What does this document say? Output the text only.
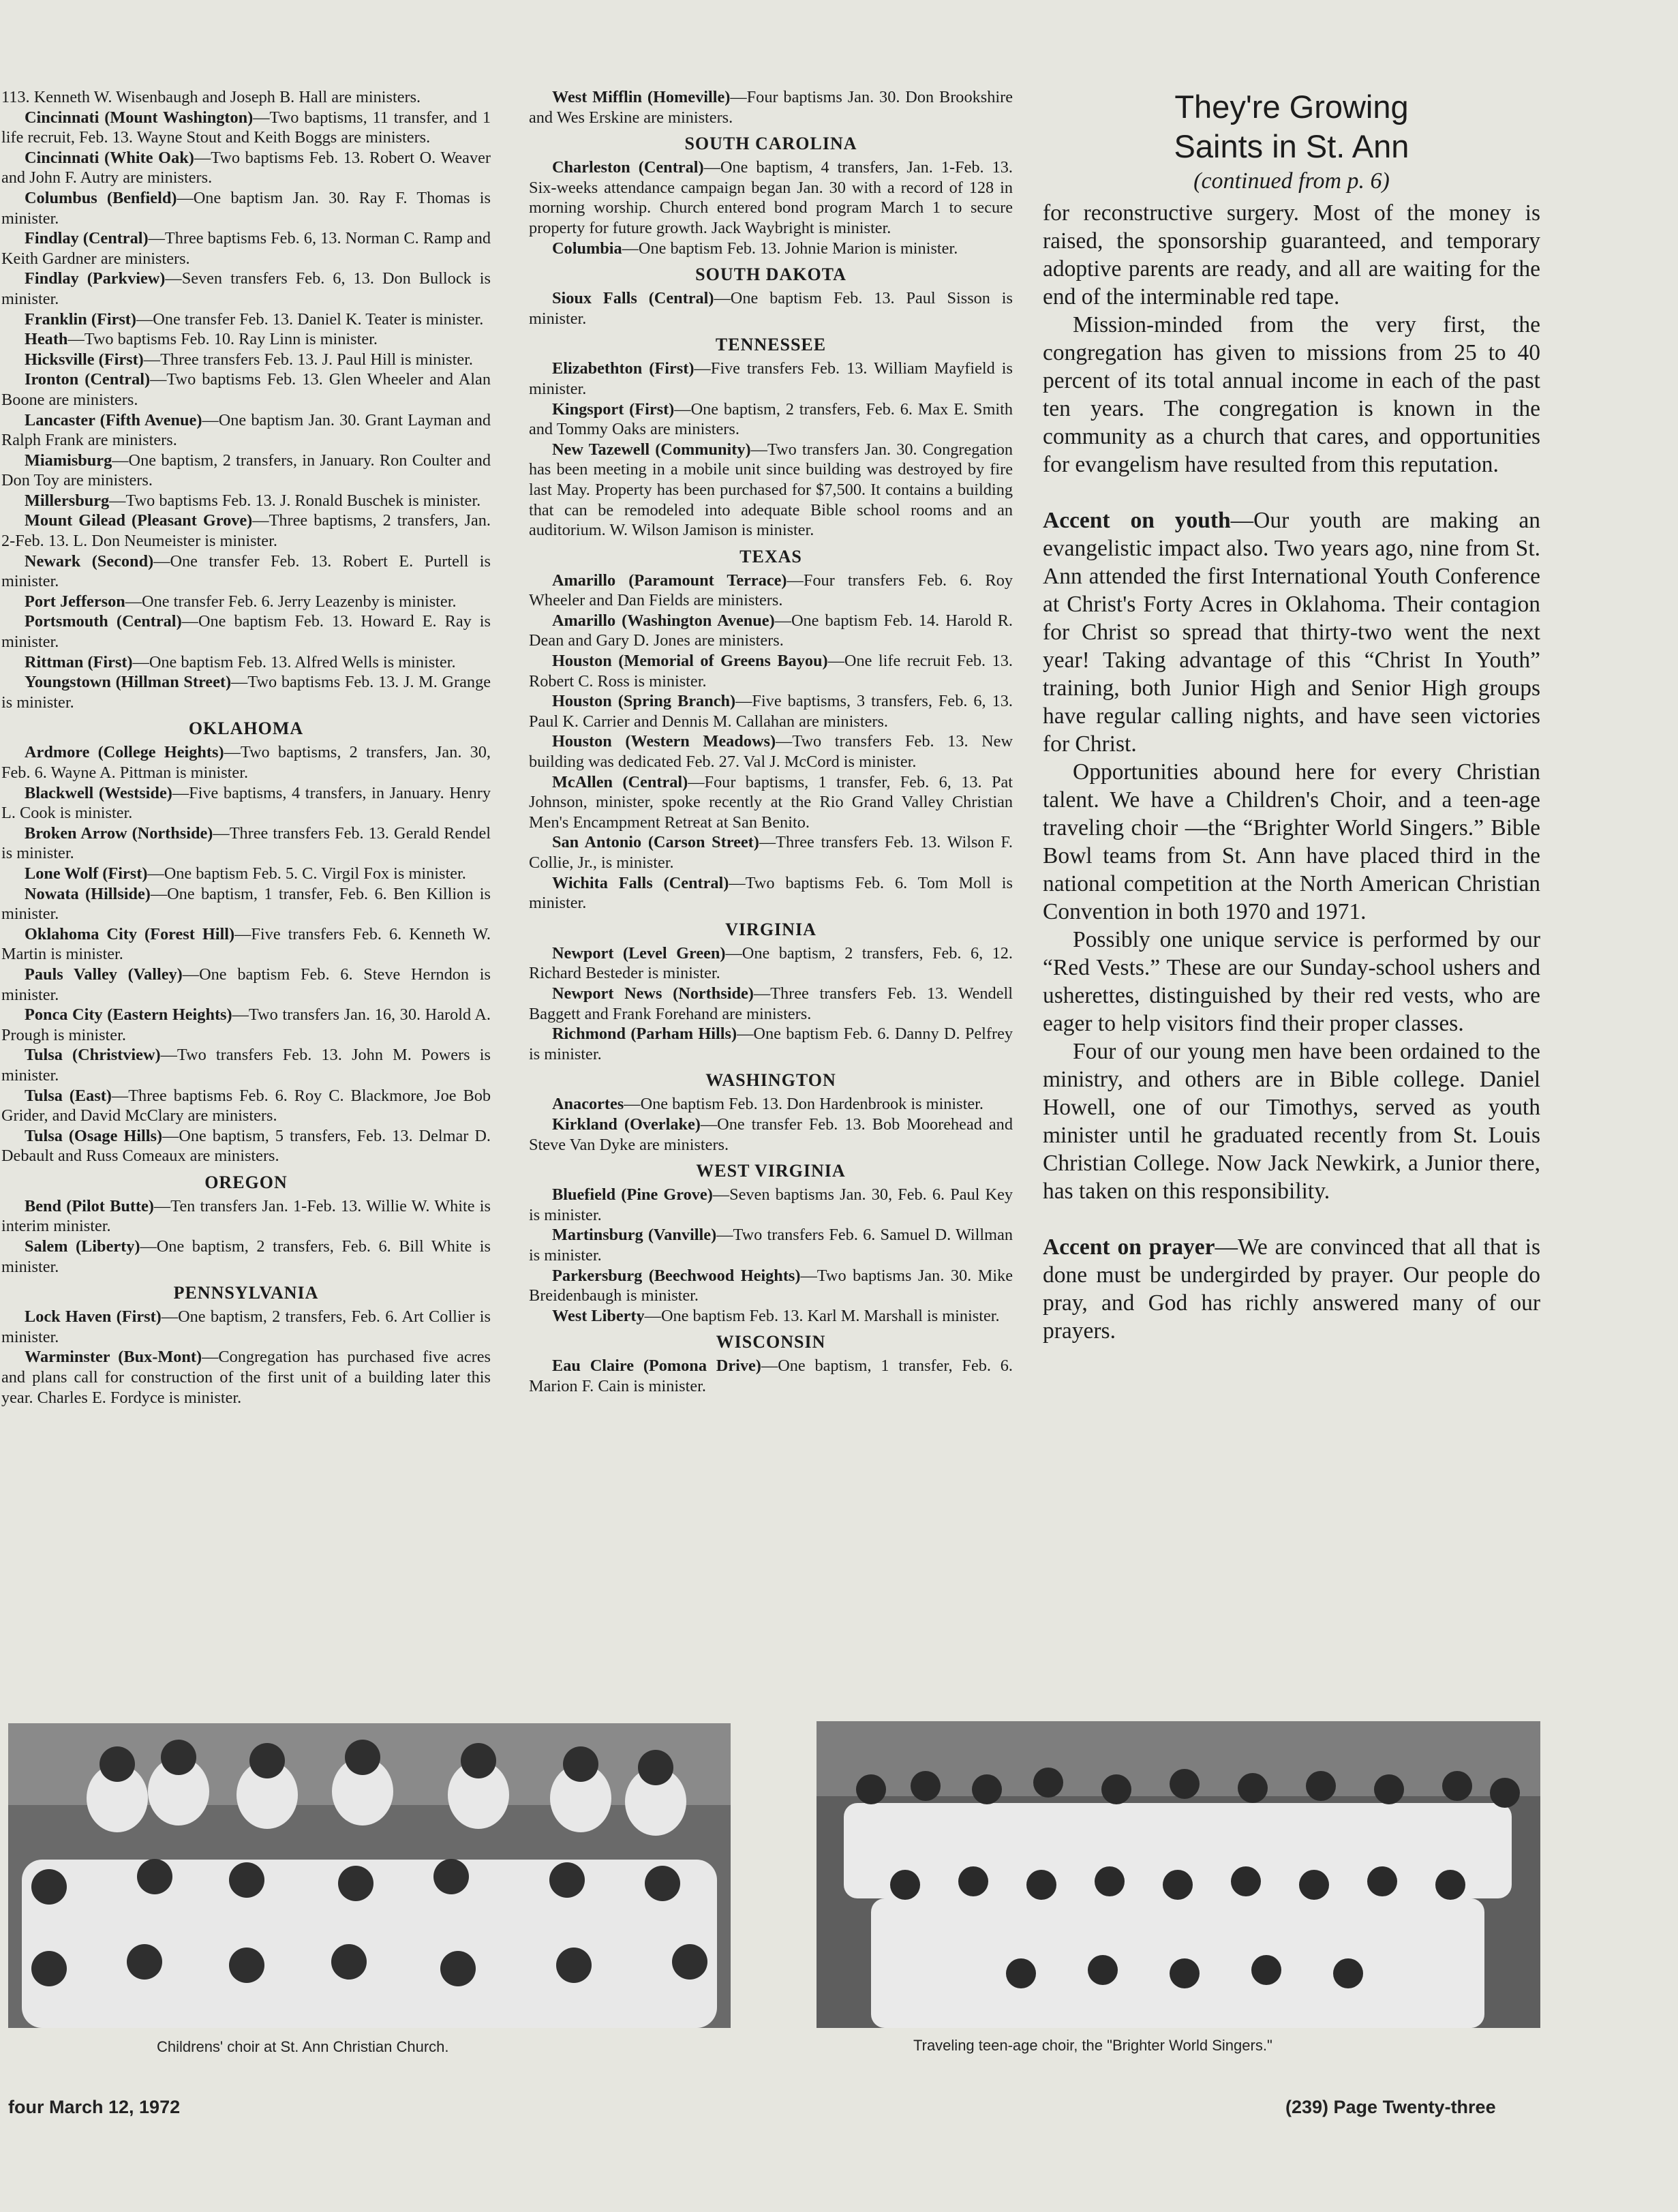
113. Kenneth W. Wisenbaugh and Joseph B. Hall are ministers.

Cincinnati (Mount Washington)—Two baptisms, 11 transfer, and 1 life recruit, Feb. 13. Wayne Stout and Keith Boggs are ministers.

Cincinnati (White Oak)—Two baptisms Feb. 13. Robert O. Weaver and John F. Autry are ministers.

Columbus (Benfield)—One baptism Jan. 30. Ray F. Thomas is minister.

Findlay (Central)—Three baptisms Feb. 6, 13. Norman C. Ramp and Keith Gardner are ministers.

Findlay (Parkview)—Seven transfers Feb. 6, 13. Don Bullock is minister.

Franklin (First)—One transfer Feb. 13. Daniel K. Teater is minister.

Heath—Two baptisms Feb. 10. Ray Linn is minister.

Hicksville (First)—Three transfers Feb. 13. J. Paul Hill is minister.

Ironton (Central)—Two baptisms Feb. 13. Glen Wheeler and Alan Boone are ministers.

Lancaster (Fifth Avenue)—One baptism Jan. 30. Grant Layman and Ralph Frank are ministers.

Miamisburg—One baptism, 2 transfers, in January. Ron Coulter and Don Toy are ministers.

Millersburg—Two baptisms Feb. 13. J. Ronald Buschek is minister.

Mount Gilead (Pleasant Grove)—Three baptisms, 2 transfers, Jan. 2-Feb. 13. L. Don Neumeister is minister.

Newark (Second)—One transfer Feb. 13. Robert E. Purtell is minister.

Port Jefferson—One transfer Feb. 6. Jerry Leazenby is minister.

Portsmouth (Central)—One baptism Feb. 13. Howard E. Ray is minister.

Rittman (First)—One baptism Feb. 13. Alfred Wells is minister.

Youngstown (Hillman Street)—Two baptisms Feb. 13. J. M. Grange is minister.

OKLAHOMA

Ardmore (College Heights)—Two baptisms, 2 transfers, Jan. 30, Feb. 6. Wayne A. Pittman is minister.

Blackwell (Westside)—Five baptisms, 4 transfers, in January. Henry L. Cook is minister.

Broken Arrow (Northside)—Three transfers Feb. 13. Gerald Rendel is minister.

Lone Wolf (First)—One baptism Feb. 5. C. Virgil Fox is minister.

Nowata (Hillside)—One baptism, 1 transfer, Feb. 6. Ben Killion is minister.

Oklahoma City (Forest Hill)—Five transfers Feb. 6. Kenneth W. Martin is minister.

Pauls Valley (Valley)—One baptism Feb. 6. Steve Herndon is minister.

Ponca City (Eastern Heights)—Two transfers Jan. 16, 30. Harold A. Prough is minister.

Tulsa (Christview)—Two transfers Feb. 13. John M. Powers is minister.

Tulsa (East)—Three baptisms Feb. 6. Roy C. Blackmore, Joe Bob Grider, and David McClary are ministers.

Tulsa (Osage Hills)—One baptism, 5 transfers, Feb. 13. Delmar D. Debault and Russ Comeaux are ministers.

OREGON

Bend (Pilot Butte)—Ten transfers Jan. 1-Feb. 13. Willie W. White is interim minister.

Salem (Liberty)—One baptism, 2 transfers, Feb. 6. Bill White is minister.

PENNSYLVANIA

Lock Haven (First)—One baptism, 2 transfers, Feb. 6. Art Collier is minister.

Warminster (Bux-Mont)—Congregation has purchased five acres and plans call for construction of the first unit of a building later this year. Charles E. Fordyce is minister.

West Mifflin (Homeville)—Four baptisms Jan. 30. Don Brookshire and Wes Erskine are ministers.

SOUTH CAROLINA

Charleston (Central)—One baptism, 4 transfers, Jan. 1-Feb. 13. Six-weeks attendance campaign began Jan. 30 with a record of 128 in morning worship. Church entered bond program March 1 to secure property for future growth. Jack Waybright is minister.

Columbia—One baptism Feb. 13. Johnie Marion is minister.

SOUTH DAKOTA

Sioux Falls (Central)—One baptism Feb. 13. Paul Sisson is minister.

TENNESSEE

Elizabethton (First)—Five transfers Feb. 13. William Mayfield is minister.

Kingsport (First)—One baptism, 2 transfers, Feb. 6. Max E. Smith and Tommy Oaks are ministers.

New Tazewell (Community)—Two transfers Jan. 30. Congregation has been meeting in a mobile unit since building was destroyed by fire last May. Property has been purchased for $7,500. It contains a building that can be remodeled into adequate Bible school rooms and an auditorium. W. Wilson Jamison is minister.

TEXAS

Amarillo (Paramount Terrace)—Four transfers Feb. 6. Roy Wheeler and Dan Fields are ministers.

Amarillo (Washington Avenue)—One baptism Feb. 14. Harold R. Dean and Gary D. Jones are ministers.

Houston (Memorial of Greens Bayou)—One life recruit Feb. 13. Robert C. Ross is minister.

Houston (Spring Branch)—Five baptisms, 3 transfers, Feb. 6, 13. Paul K. Carrier and Dennis M. Callahan are ministers.

Houston (Western Meadows)—Two transfers Feb. 13. New building was dedicated Feb. 27. Val J. McCord is minister.

McAllen (Central)—Four baptisms, 1 transfer, Feb. 6, 13. Pat Johnson, minister, spoke recently at the Rio Grand Valley Christian Men's Encampment Retreat at San Benito.

San Antonio (Carson Street)—Three transfers Feb. 13. Wilson F. Collie, Jr., is minister.

Wichita Falls (Central)—Two baptisms Feb. 6. Tom Moll is minister.

VIRGINIA

Newport (Level Green)—One baptism, 2 transfers, Feb. 6, 12. Richard Besteder is minister.

Newport News (Northside)—Three transfers Feb. 13. Wendell Baggett and Frank Forehand are ministers.

Richmond (Parham Hills)—One baptism Feb. 6. Danny D. Pelfrey is minister.

WASHINGTON

Anacortes—One baptism Feb. 13. Don Hardenbrook is minister.

Kirkland (Overlake)—One transfer Feb. 13. Bob Moorehead and Steve Van Dyke are ministers.

WEST VIRGINIA

Bluefield (Pine Grove)—Seven baptisms Jan. 30, Feb. 6. Paul Key is minister.

Martinsburg (Vanville)—Two transfers Feb. 6. Samuel D. Willman is minister.

Parkersburg (Beechwood Heights)—Two baptisms Jan. 30. Mike Breidenbaugh is minister.

West Liberty—One baptism Feb. 13. Karl M. Marshall is minister.

WISCONSIN

Eau Claire (Pomona Drive)—One baptism, 1 transfer, Feb. 6. Marion F. Cain is minister.

They're Growing

Saints in St. Ann

(continued from p. 6)

for reconstructive surgery. Most of the money is raised, the sponsorship guaranteed, and temporary adoptive parents are ready, and all are waiting for the end of the interminable red tape.

Mission-minded from the very first, the congregation has given to missions from 25 to 40 percent of its total annual income in each of the past ten years. The congregation is known in the community as a church that cares, and opportunities for evangelism have resulted from this reputation.

Accent on youth—Our youth are making an evangelistic impact also. Two years ago, nine from St. Ann attended the first International Youth Conference at Christ's Forty Acres in Oklahoma. Their contagion for Christ so spread that thirty-two went the next year! Taking advantage of this “Christ In Youth” training, both Junior High and Senior High groups have regular calling nights, and have seen victories for Christ.

Opportunities abound here for every Christian talent. We have a Children's Choir, and a teen-age traveling choir —the “Brighter World Singers.” Bible Bowl teams from St. Ann have placed third in the national competition at the North American Christian Convention in both 1970 and 1971.

Possibly one unique service is performed by our “Red Vests.” These are our Sunday-school ushers and usherettes, distinguished by their red vests, who are eager to help visitors find their proper classes.

Four of our young men have been ordained to the ministry, and others are in Bible college. Daniel Howell, one of our Timothys, served as youth minister until he graduated recently from St. Louis Christian College. Now Jack Newkirk, a Junior there, has taken on this responsibility.

Accent on prayer—We are convinced that all that is done must be undergirded by prayer. Our people do pray, and God has richly answered many of our prayers.

Childrens' choir at St. Ann Christian Church.	Traveling teen-age choir, the "Brighter World Singers."
four March 12, 1972	(239) Page Twenty-three
